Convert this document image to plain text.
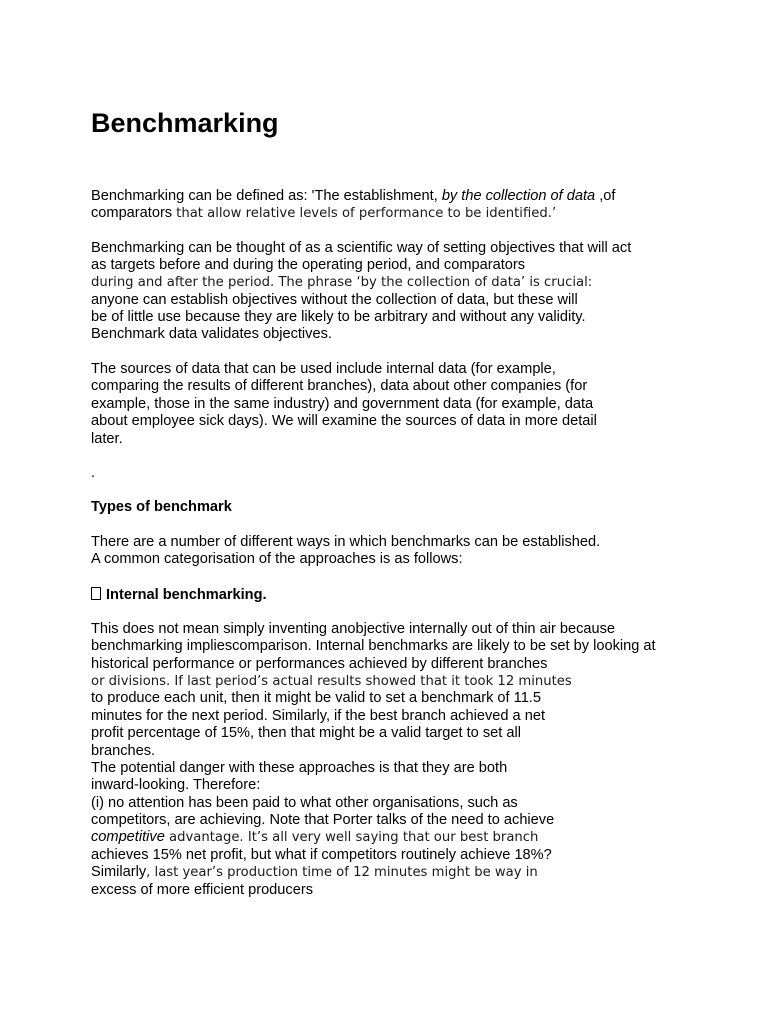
Benchmarking
Benchmarking can be defined as: 'The establishment, by the collection of data ,of
comparators that allow relative levels of performance to be identified.’
Benchmarking can be thought of as a scientific way of setting objectives that will act
as targets before and during the operating period, and comparators
during and after the period. The phrase ‘by the collection of data’ is crucial:
anyone can establish objectives without the collection of data, but these will
be of little use because they are likely to be arbitrary and without any validity.
Benchmark data validates objectives.
The sources of data that can be used include internal data (for example,
comparing the results of different branches), data about other companies (for
example, those in the same industry) and government data (for example, data
about employee sick days). We will examine the sources of data in more detail
later.
.
Types of benchmark
There are a number of different ways in which benchmarks can be established.
A common categorisation of the approaches is as follows:
Internal benchmarking.
This does not mean simply inventing anobjective internally out of thin air because
benchmarking impliescomparison. Internal benchmarks are likely to be set by looking at
historical performance or performances achieved by different branches
or divisions. If last period’s actual results showed that it took 12 minutes
to produce each unit, then it might be valid to set a benchmark of 11.5
minutes for the next period. Similarly, if the best branch achieved a net
profit percentage of 15%, then that might be a valid target to set all
branches.
The potential danger with these approaches is that they are both
inward-looking. Therefore:
(i) no attention has been paid to what other organisations, such as
competitors, are achieving. Note that Porter talks of the need to achieve
competitive advantage. It’s all very well saying that our best branch
achieves 15% net profit, but what if competitors routinely achieve 18%?
Similarly, last year’s production time of 12 minutes might be way in
excess of more efficient producers
